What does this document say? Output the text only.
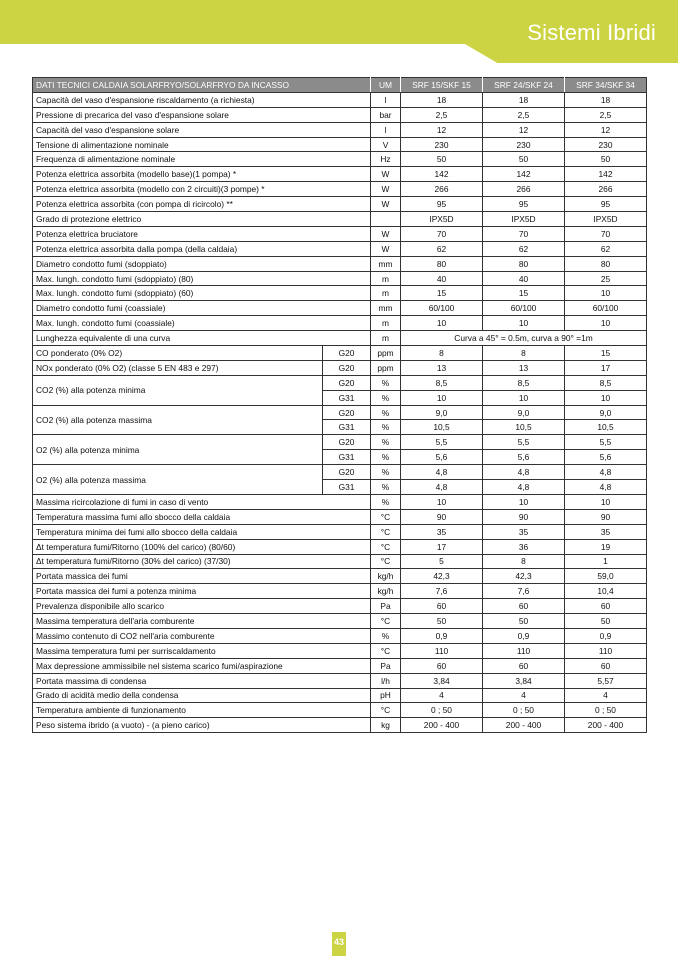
Sistemi Ibridi
DATI TECNICI CALDAIA SOLARFRYO/SOLARFRYO DA INCASSO		UM	SRF 15/SKF 15	SRF 24/SKF 24	SRF 34/SKF 34
Capacità del vaso d'espansione riscaldamento (a richiesta)		l	18	18	18
Pressione di precarica del vaso d'espansione solare		bar	2,5	2,5	2,5
Capacità del vaso d'espansione solare		l	12	12	12
Tensione di alimentazione nominale		V	230	230	230
Frequenza di alimentazione nominale		Hz	50	50	50
Potenza elettrica assorbita (modello base)(1 pompa) *		W	142	142	142
Potenza elettrica assorbita (modello con 2 circuiti)(3 pompe) *		W	266	266	266
Potenza elettrica assorbita (con pompa di ricircolo) **		W	95	95	95
Grado di protezione elettrico			IPX5D	IPX5D	IPX5D
Potenza elettrica bruciatore		W	70	70	70
Potenza elettrica assorbita dalla pompa (della caldaia)		W	62	62	62
Diametro condotto fumi (sdoppiato)		mm	80	80	80
Max. lungh. condotto fumi (sdoppiato) (80)		m	40	40	25
Max. lungh. condotto fumi (sdoppiato) (60)		m	15	15	10
Diametro condotto fumi (coassiale)		mm	60/100	60/100	60/100
Max. lungh. condotto fumi (coassiale)		m	10	10	10
Lunghezza equivalente di una curva		m	Curva a 45° = 0.5m, curva a 90° =1m		
CO ponderato (0% O2)	G20	ppm	8	8	15
NOx ponderato (0% O2) (classe 5 EN 483 e 297)	G20	ppm	13	13	17
CO2 (%) alla potenza minima	G20	%	8,5	8,5	8,5
	G31	%	10	10	10
CO2 (%) alla potenza massima	G20	%	9,0	9,0	9,0
	G31	%	10,5	10,5	10,5
O2 (%) alla potenza minima	G20	%	5,5	5,5	5,5
	G31	%	5,6	5,6	5,6
O2 (%) alla potenza massima	G20	%	4,8	4,8	4,8
	G31	%	4,8	4,8	4,8
Massima ricircolazione di fumi in caso di vento		%	10	10	10
Temperatura massima fumi allo sbocco della caldaia		°C	90	90	90
Temperatura minima dei fumi allo sbocco della caldaia		°C	35	35	35
Δt temperatura fumi/Ritorno (100% del carico) (80/60)		°C	17	36	19
Δt temperatura fumi/Ritorno (30% del carico) (37/30)		°C	5	8	1
Portata massica dei fumi		kg/h	42,3	42,3	59,0
Portata massica dei fumi a potenza minima		kg/h	7,6	7,6	10,4
Prevalenza disponibile allo scarico		Pa	60	60	60
Massima temperatura dell'aria comburente		°C	50	50	50
Massimo contenuto di CO2 nell'aria comburente		%	0,9	0,9	0,9
Massima temperatura fumi per surriscaldamento		°C	110	110	110
Max depressione ammissibile nel sistema scarico fumi/aspirazione		Pa	60	60	60
Portata massima di condensa		l/h	3,84	3,84	5,57
Grado di acidità medio della condensa		pH	4	4	4
Temperatura ambiente di funzionamento		°C	0 ; 50	0 ; 50	0 ; 50
Peso sistema ibrido (a vuoto) - (a pieno carico)		kg	200 - 400	200 - 400	200 - 400
43
